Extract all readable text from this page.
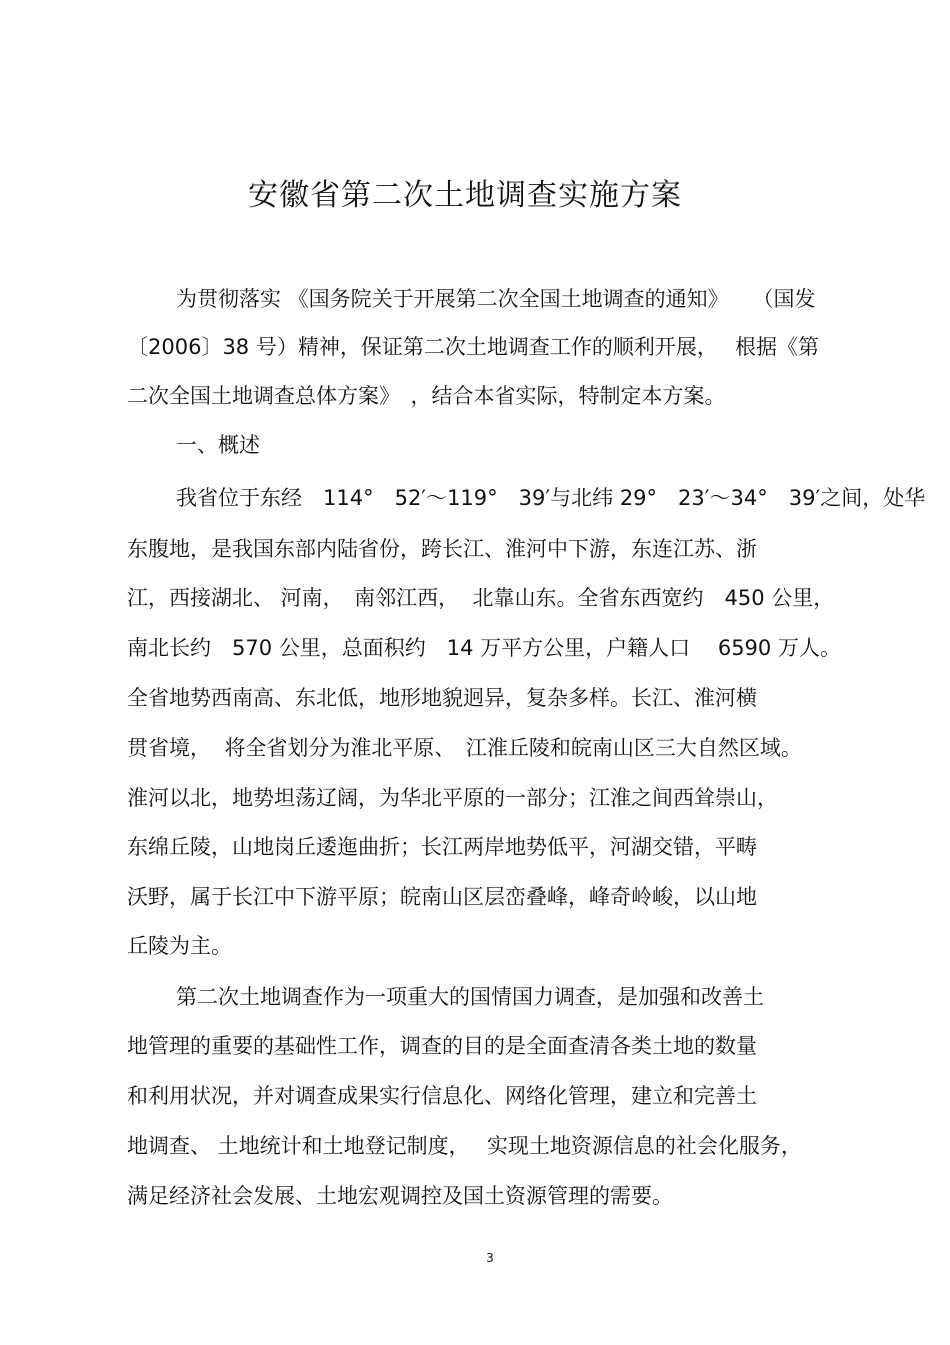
安徽省第二次土地调查实施方案
为贯彻落实 《国务院关于开展第二次全国土地调查的通知》　  （国发
〔2006〕38 号）精神，保证第二次土地调查工作的顺利开展，　 根据《第
二次全国土地调查总体方案》　，结合本省实际，特制定本方案。
一、概述
我省位于东经　114°　52′～119°　39′与北纬 29°　23′～34°　39′之间，处华
东腹地，是我国东部内陆省份，跨长江、淮河中下游，东连江苏、浙
江，西接湖北、 河南，　南邻江西，  北靠山东。全省东西宽约　450 公里，
南北长约　570 公里，总面积约　14 万平方公里，户籍人口　 6590 万人。
全省地势西南高、东北低，地形地貌迥异，复杂多样。长江、淮河横
贯省境，  将全省划分为淮北平原、　江淮丘陵和皖南山区三大自然区域。
淮河以北，地势坦荡辽阔，为华北平原的一部分；江淮之间西耸崇山，
东绵丘陵，山地岗丘逶迤曲折；长江两岸地势低平，河湖交错，平畴
沃野，属于长江中下游平原；皖南山区层峦叠峰，峰奇岭峻，以山地
丘陵为主。
第二次土地调查作为一项重大的国情国力调查，是加强和改善土
地管理的重要的基础性工作，调查的目的是全面查清各类土地的数量
和利用状况，并对调查成果实行信息化、网络化管理，建立和完善土
地调查、 土地统计和土地登记制度，　 实现土地资源信息的社会化服务，
满足经济社会发展、土地宏观调控及国土资源管理的需要。
3
